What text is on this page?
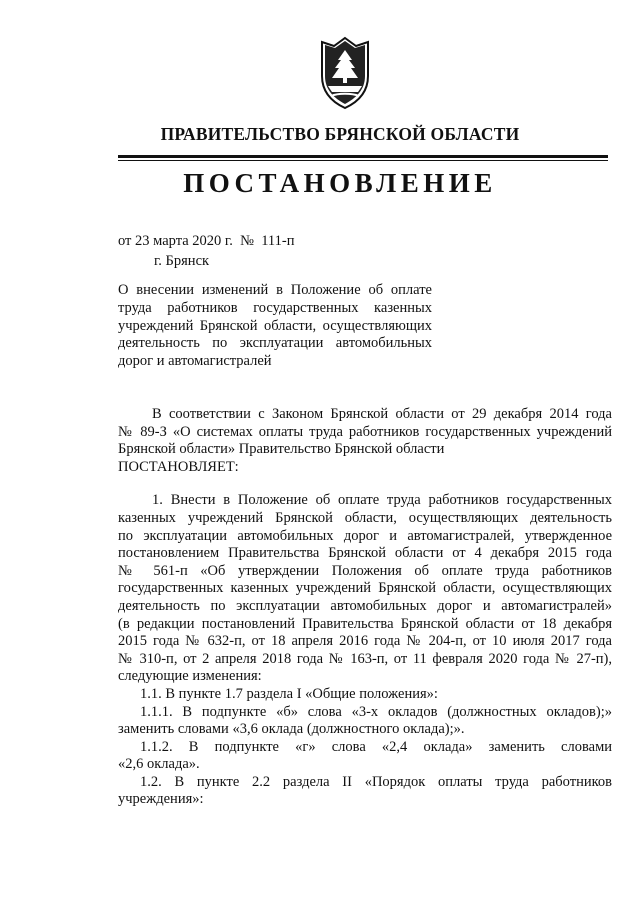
ПРАВИТЕЛЬСТВО БРЯНСКОЙ ОБЛАСТИ
ПОСТАНОВЛЕНИЕ
от 23 марта 2020 г.  №  111-п
г. Брянск
О внесении изменений в Положение об оплате
труда работников государственных казенных
учреждений Брянской области, осуществляющих
деятельность по эксплуатации автомобильных
дорог и автомагистралей
В соответствии с Законом Брянской области от 29 декабря 2014 года
№ 89-З «О системах оплаты труда работников государственных учреждений
Брянской области» Правительство Брянской области
ПОСТАНОВЛЯЕТ:
1. Внести в Положение об оплате труда работников государственных
казенных учреждений Брянской области, осуществляющих деятельность
по эксплуатации автомобильных дорог и автомагистралей, утвержденное
постановлением Правительства Брянской области от 4 декабря 2015 года
№ 561-п «Об утверждении Положения об оплате труда работников
государственных казенных учреждений Брянской области, осуществляющих
деятельность по эксплуатации автомобильных дорог и автомагистралей»
(в редакции постановлений Правительства Брянской области от 18 декабря
2015 года № 632-п, от 18 апреля 2016 года № 204-п, от 10 июля 2017 года
№ 310-п, от 2 апреля 2018 года № 163-п, от 11 февраля 2020 года № 27-п),
следующие изменения:
1.1. В пункте 1.7 раздела I «Общие положения»:
1.1.1. В подпункте «б» слова «3-х окладов (должностных окладов);»
заменить словами «3,6 оклада (должностного оклада);».
1.1.2. В подпункте «г» слова «2,4 оклада» заменить словами
«2,6 оклада».
1.2. В пункте 2.2 раздела II «Порядок оплаты труда работников
учреждения»:
